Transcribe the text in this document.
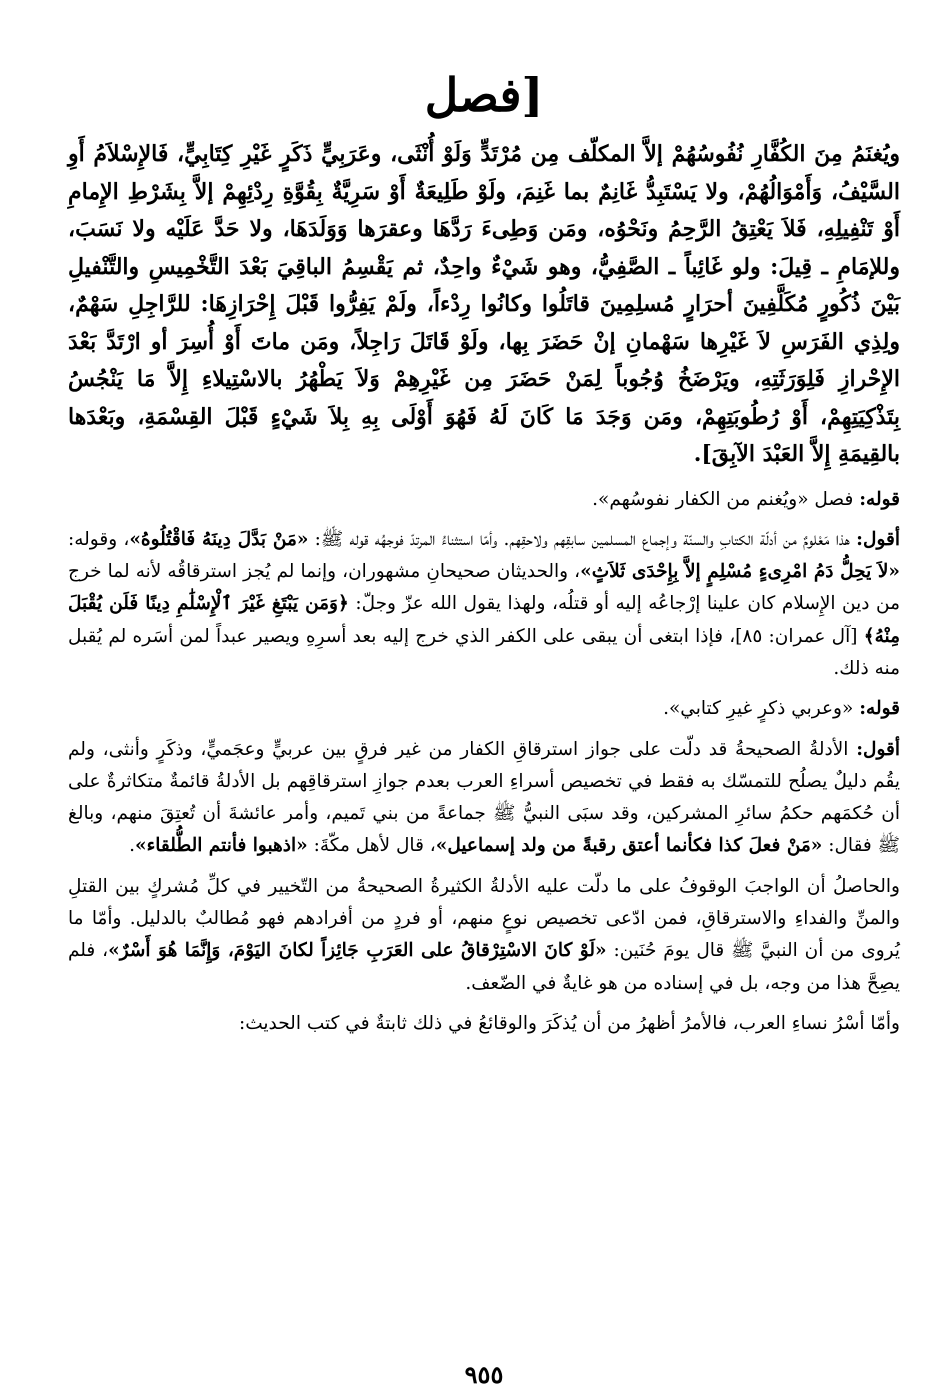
[فصل

ويُغنَمُ مِنَ الكُفَّارِ نُفُوسُهُمْ إلاَّ المكلّف مِن مُرْتَدٍّ وَلَوْ أُنْثَى، وعَرَبِيٍّ ذَكَرٍ غَيْرِ كِتَابِيٍّ، فَالإِسْلاَمُ أَوِ السَّيْفُ، وَأَمْوَالُهُمْ، ولا يَسْتَبِدُّ غَانِمٌ بما غَنِمَ، ولَوْ طَلِيعَةٌ أَوْ سَرِيَّةٌ بِقُوَّةِ رِدْئِهِمْ إلاَّ بِشَرْطِ الإِمامِ أَوْ تَنْفِيلِهِ، فَلاَ يَعْتِقُ الرَّحِمُ ونَحْوُه، ومَن وَطِىءَ رَدَّهَا وعقرَها وَوَلَدَهَا، ولا حَدَّ عَلَيْه ولا نَسَبَ، وللإمَامِ ـ قِيلَ: ولو غَائِباً ـ الصَّفِيُّ، وهو شَيْءٌ واحِدٌ، ثم يَقْسِمُ الباقِيَ بَعْدَ التَّخْمِيسِ والتَّنْفيلِ بَيْنَ ذُكُورٍ مُكَلَّفِينَ أحرَارٍ مُسلِمِينَ قاتَلُوا وكانُوا رِدْءاً، ولَمْ يَفِرُّوا قَبْلَ إِحْرَازِهَا: للرَّاجِلِ سَهْمٌ، ولِذِي الفَرَسِ لاَ غَيْرِها سَهْمانِ إنْ حَضَرَ بِها، ولَوْ قَاتَلَ رَاجِلاً، ومَن ماتَ أَوْ أُسِرَ أو ارْتَدَّ بَعْدَ الإِحْرازِ فَلِوَرَثَتِهِ، ويَرْضَخُ وُجُوباً لِمَنْ حَضَرَ مِن غَيْرِهِمْ وَلاَ يَطْهُرُ بالاسْتِيلاءِ إِلاَّ مَا يَنْجُسُ بِتَذْكِيَتِهِمْ، أَوْ رُطُوبَتِهِمْ، ومَن وَجَدَ مَا كَانَ لَهُ فَهُوَ أَوْلَى بِهِ بِلاَ شَيْءٍ قَبْلَ القِسْمَةِ، وبَعْدَها بالقِيمَةِ إِلاَّ العَبْدَ الآبِقَ].

قوله: فصل «ويُغنم من الكفار نفوسُهم».

أقول: هذا مَعْلومٌ من أدلّة الكتابِ والسنّة وإجماع المسلمين سابقِهم ولاحقِهم. وأمّا استثناءُ المرتدّ فوجهُه قوله ﷺ: «مَنْ بَدَّلَ دِينَهُ فَاقْتُلُوهُ»، وقوله: «لاَ يَحِلُّ دَمُ امْرِىءٍ مُسْلِمٍ إلاَّ بِإِحْدَى ثَلاَثٍ»، والحديثان صحيحانِ مشهوران، وإنما لم يُجز استرقاقُه لأنه لما خرج من دين الإِسلام كان علينا إرْجاعُه إليه أو قتلُه، ولهذا يقول الله عزّ وجلّ: ﴿وَمَن يَبْتَغِ غَيْرَ ٱلْإِسْلَٰمِ دِينًا فَلَن يُقْبَلَ مِنْهُ﴾ [آل عمران: ٨٥]، فإذا ابتغى أن يبقى على الكفر الذي خرج إليه بعد أسرِهِ ويصير عبداً لمن أسَره لم يُقبل منه ذلك.

قوله: «وعربي ذكرٍ غيرِ كتابي».

أقول: الأدلةُ الصحيحةُ قد دلّت على جواز استرقاقِ الكفار من غير فرقٍ بين عربيٍّ وعجَميٍّ، وذكَرٍ وأنثى، ولم يقُم دليلٌ يصلُح للتمسّك به فقط في تخصيص أسراءِ العرب بعدم جوازِ استرقاقِهم بل الأدلةُ قائمةٌ متكاثرةٌ على أن حُكمَهم حكمُ سائرِ المشركين، وقد سبَى النبيُّ ﷺ جماعةً من بني تَميم، وأمر عائشةَ أن تُعتِقَ منهم، وبالغ ﷺ فقال: «مَنْ فعلَ كذا فكأنما أعتق رقبةً من ولد إسماعيل»، قال لأهل مكّةَ: «اذهبوا فأنتم الطُّلقاء».

والحاصلُ أن الواجبَ الوقوفُ على ما دلّت عليه الأدلةُ الكثيرةُ الصحيحةُ من التّخيير في كلِّ مُشركٍ بين القتلِ والمنِّ والفداءِ والاسترقاقِ، فمن ادّعى تخصيص نوعٍ منهم، أو فردٍ من أفرادهم فهو مُطالبٌ بالدليل. وأمّا ما يُروى من أن النبيَّ ﷺ قال يومَ حُنَين: «لَوْ كانَ الاسْتِرْقاقُ على العَرَبِ جَائِزاً لكانَ اليَوْمَ، وَإِنَّمَا هُوَ أَسْرٌ»، فلم يصِحَّ هذا من وجه، بل في إسناده من هو غايةٌ في الضّعف.

وأمّا أسْرُ نساءِ العرب، فالأمرُ أظهرُ من أن يُذكَرَ والوقائعُ في ذلك ثابتةٌ في كتب الحديث:

٩٥٥
